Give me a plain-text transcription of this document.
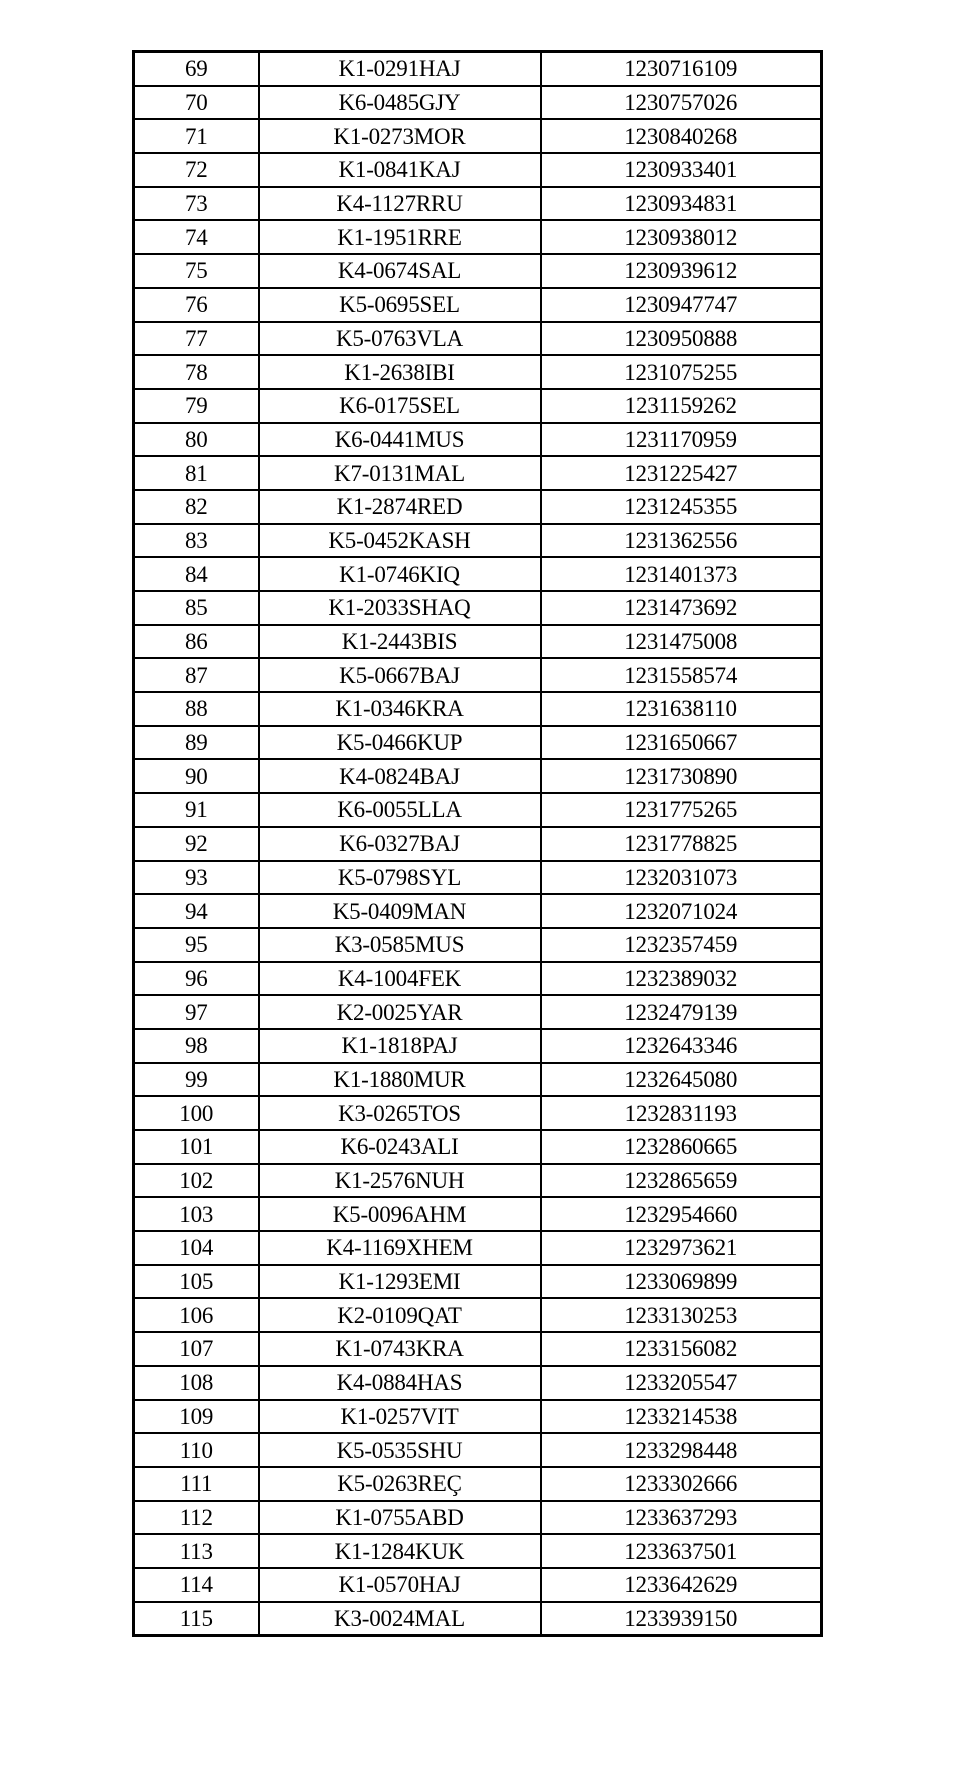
69	K1-0291HAJ	1230716109
70	K6-0485GJY	1230757026
71	K1-0273MOR	1230840268
72	K1-0841KAJ	1230933401
73	K4-1127RRU	1230934831
74	K1-1951RRE	1230938012
75	K4-0674SAL	1230939612
76	K5-0695SEL	1230947747
77	K5-0763VLA	1230950888
78	K1-2638IBI	1231075255
79	K6-0175SEL	1231159262
80	K6-0441MUS	1231170959
81	K7-0131MAL	1231225427
82	K1-2874RED	1231245355
83	K5-0452KASH	1231362556
84	K1-0746KIQ	1231401373
85	K1-2033SHAQ	1231473692
86	K1-2443BIS	1231475008
87	K5-0667BAJ	1231558574
88	K1-0346KRA	1231638110
89	K5-0466KUP	1231650667
90	K4-0824BAJ	1231730890
91	K6-0055LLA	1231775265
92	K6-0327BAJ	1231778825
93	K5-0798SYL	1232031073
94	K5-0409MAN	1232071024
95	K3-0585MUS	1232357459
96	K4-1004FEK	1232389032
97	K2-0025YAR	1232479139
98	K1-1818PAJ	1232643346
99	K1-1880MUR	1232645080
100	K3-0265TOS	1232831193
101	K6-0243ALI	1232860665
102	K1-2576NUH	1232865659
103	K5-0096AHM	1232954660
104	K4-1169XHEM	1232973621
105	K1-1293EMI	1233069899
106	K2-0109QAT	1233130253
107	K1-0743KRA	1233156082
108	K4-0884HAS	1233205547
109	K1-0257VIT	1233214538
110	K5-0535SHU	1233298448
111	K5-0263REÇ	1233302666
112	K1-0755ABD	1233637293
113	K1-1284KUK	1233637501
114	K1-0570HAJ	1233642629
115	K3-0024MAL	1233939150
